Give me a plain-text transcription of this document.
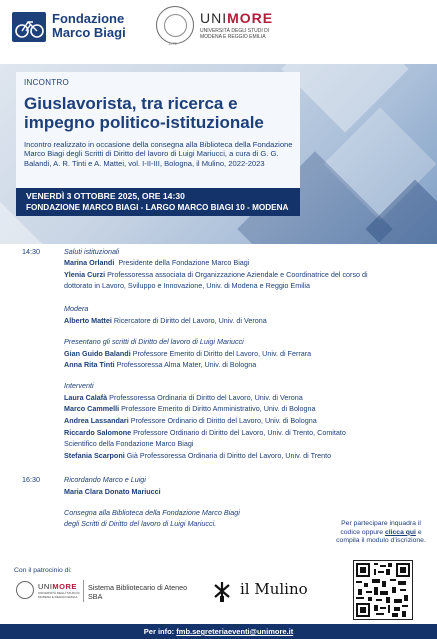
Fondazione
Marco Biagi
1175
UNIMORE
UNIVERSITÀ DEGLI STUDI DI
MODENA E REGGIO EMILIA
INCONTRO
Giuslavorista, tra ricerca e impegno politico-istituzionale
Incontro realizzato in occasione della consegna alla Biblioteca della Fondazione Marco Biagi degli Scritti di Diritto del lavoro di Luigi Mariucci, a cura di G. G. Balandi, A. R. Tinti e A. Mattei, vol. I-II-III, Bologna, il Mulino, 2022-2023
VENERDÌ 3 OTTOBRE 2025, ORE 14:30
FONDAZIONE MARCO BIAGI - LARGO MARCO BIAGI 10 - MODENA
14:30	Saluti istituzionali
Marina Orlandi Presidente della Fondazione Marco Biagi
Ylenia Curzi Professoressa associata di Organizzazione Aziendale e Coordinatrice del corso di
dottorato in Lavoro, Sviluppo e Innovazione, Univ. di Modena e Reggio Emilia
Modera
Alberto Mattei Ricercatore di Diritto del Lavoro, Univ. di Verona
Presentano gli scritti di Diritto del lavoro di Luigi Mariucci
Gian Guido Balandi Professore Emerito di Diritto del Lavoro, Univ. di Ferrara
Anna Rita Tinti Professoressa Alma Mater, Univ. di Bologna
Interventi
Laura Calafà Professoressa Ordinaria di Diritto del Lavoro, Univ. di Verona
Marco Cammelli Professore Emerito di Diritto Amministrativo, Univ. di Bologna
Andrea Lassandari Professore Ordinario di Diritto del Lavoro, Univ. di Bologna
Riccardo Salomone Professore Ordinario di Diritto del Lavoro, Univ. di Trento, Comitato
Scientifico della Fondazione Marco Biagi
Stefania Scarponi Già Professoressa Ordinaria di Diritto del Lavoro, Univ. di Trento
16:30	Ricordando Marco e Luigi
Maria Clara Donato Mariucci
Consegna alla Biblioteca della Fondazione Marco Biagi
degli Scritti di Diritto del lavoro di Luigi Mariucci.	Per partecipare inquadra il
codice oppure clicca qui e
compila il modulo d'iscrizione.
Con il patrocinio di:
UNIMORE
UNIVERSITÀ DEGLI STUDI DI MODENA E REGGIO EMILIA
Sistema Bibliotecario di Ateneo
SBA	il Mulino
Per info: fmb.segreteriaeventi@unimore.it
